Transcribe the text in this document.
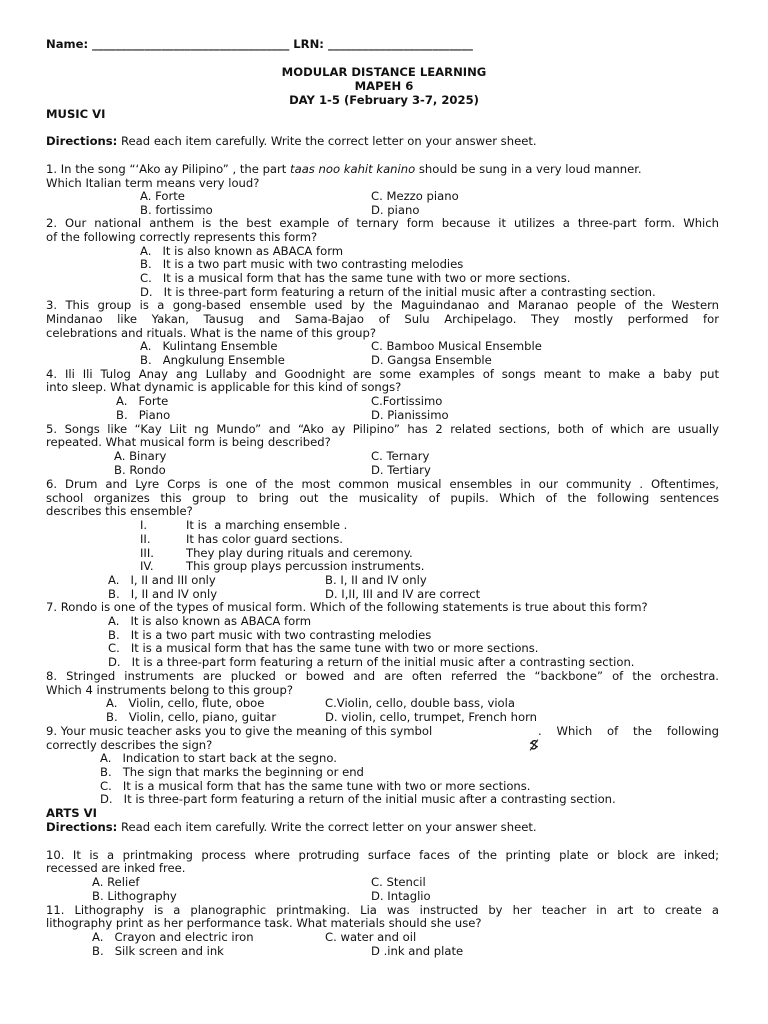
Name: __________________________________ LRN: _________________________
MODULAR DISTANCE LEARNING
MAPEH 6
DAY 1-5 (February 3-7, 2025)
MUSIC VI
Directions: Read each item carefully. Write the correct letter on your answer sheet.
1. In the song “‘Ako ay Pilipino” , the part taas noo kahit kanino should be sung in a very loud manner.
Which Italian term means very loud?
A. Forte	C. Mezzo piano
B. fortissimo	D. piano
2. Our national anthem is the best example of ternary form because it utilizes a three-part form. Which
of the following correctly represents this form?
A.   It is also known as ABACA form
B.   It is a two part music with two contrasting melodies
C.   It is a musical form that has the same tune with two or more sections.
D.   It is three-part form featuring a return of the initial music after a contrasting section.
3. This group is a gong-based ensemble used by the Maguindanao and Maranao people of the Western
Mindanao like Yakan, Tausug and Sama-Bajao of Sulu Archipelago. They mostly performed for
celebrations and rituals. What is the name of this group?
A.   Kulintang Ensemble	C. Bamboo Musical Ensemble
B.   Angkulung Ensemble	D. Gangsa Ensemble
4. Ili Ili Tulog Anay ang Lullaby and Goodnight are some examples of songs meant to make a baby put
into sleep. What dynamic is applicable for this kind of songs?
A.   Forte	C.Fortissimo
B.   Piano	D. Pianissimo
5. Songs like “Kay Liit ng Mundo” and “Ako ay Pilipino” has 2 related sections, both of which are usually
repeated. What musical form is being described?
A. Binary	C. Ternary
B. Rondo	D. Tertiary
6. Drum and Lyre Corps is one of the most common musical ensembles in our community . Oftentimes,
school organizes this group to bring out the musicality of pupils. Which of the following sentences
describes this ensemble?
I.	It is  a marching ensemble .
II.	It has color guard sections.
III.	They play during rituals and ceremony.
IV.	This group plays percussion instruments.
A.   I, II and III only	B. I, II and IV only
B.   I, II and IV only	D. I,II, III and IV are correct
7. Rondo is one of the types of musical form. Which of the following statements is true about this form?
A.   It is also known as ABACA form
B.   It is a two part music with two contrasting melodies
C.   It is a musical form that has the same tune with two or more sections.
D.   It is a three-part form featuring a return of the initial music after a contrasting section.
8. Stringed instruments are plucked or bowed and are often referred the “backbone” of the orchestra.
Which 4 instruments belong to this group?
A.   Violin, cello, flute, oboe	C.Violin, cello, double bass, viola
B.   Violin, cello, piano, guitar	D. violin, cello, trumpet, French horn
9. Your music teacher asks you to give the meaning of this symbol

	. Which of the following
correctly describes the sign?
A.   Indication to start back at the segno.
B.   The sign that marks the beginning or end
C.   It is a musical form that has the same tune with two or more sections.
D.   It is three-part form featuring a return of the initial music after a contrasting section.
ARTS VI
Directions: Read each item carefully. Write the correct letter on your answer sheet.
10. It is a printmaking process where protruding surface faces of the printing plate or block are inked;
recessed are inked free.
A. Relief	C. Stencil
B. Lithography	D. Intaglio
11. Lithography is a planographic printmaking. Lia was instructed by her teacher in art to create a
lithography print as her performance task. What materials should she use?
A.   Crayon and electric iron	C. water and oil
B.   Silk screen and ink	D .ink and plate
